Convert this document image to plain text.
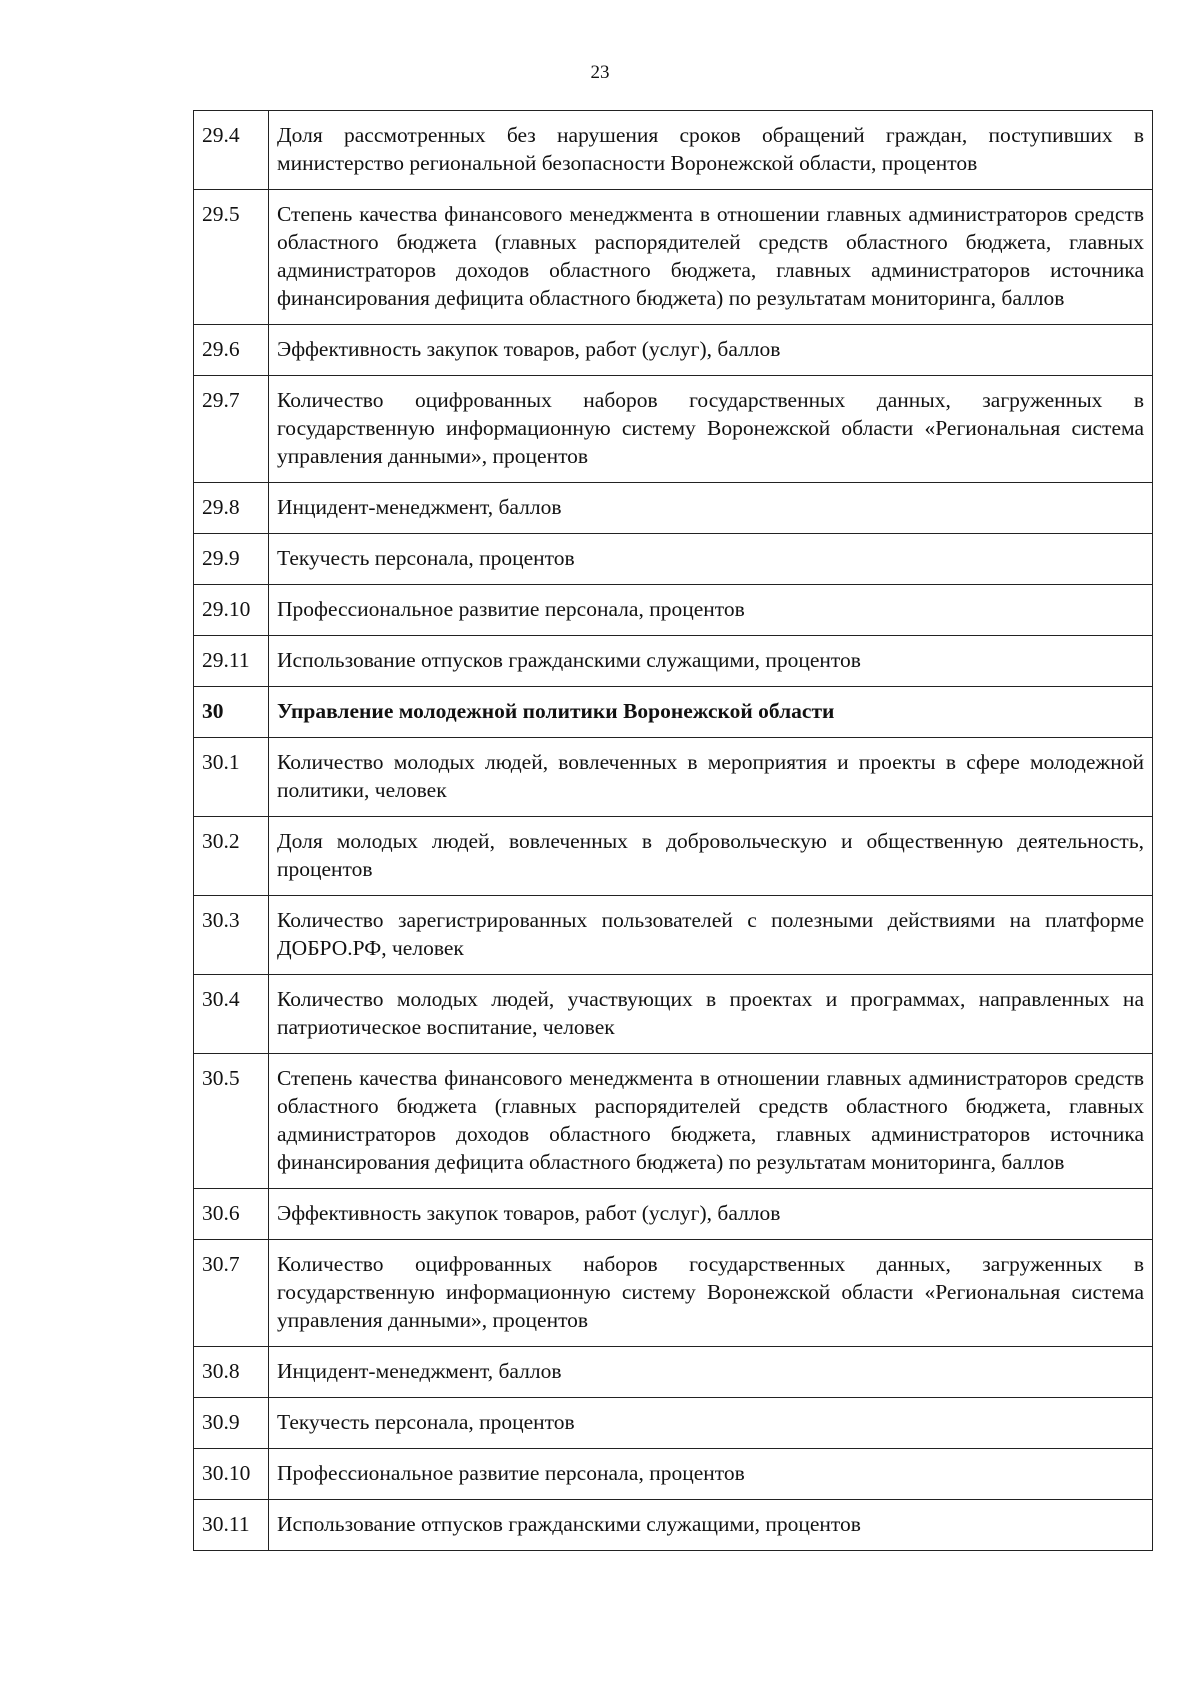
23
29.4	Доля рассмотренных без нарушения сроков обращений граждан, поступивших в министерство региональной безопасности Воронежской области, процентов
29.5	Степень качества финансового менеджмента в отношении главных администраторов средств областного бюджета (главных распорядителей средств областного бюджета, главных администраторов доходов областного бюджета, главных администраторов источника финансирования дефицита областного бюджета) по результатам мониторинга, баллов
29.6	Эффективность закупок товаров, работ (услуг), баллов
29.7	Количество оцифрованных наборов государственных данных, загруженных в государственную информационную систему Воронежской области «Региональная система управления данными», процентов
29.8	Инцидент-менеджмент, баллов
29.9	Текучесть персонала, процентов
29.10	Профессиональное развитие персонала, процентов
29.11	Использование отпусков гражданскими служащими, процентов
30	Управление молодежной политики Воронежской области
30.1	Количество молодых людей, вовлеченных в мероприятия и проекты в сфере молодежной политики, человек
30.2	Доля молодых людей, вовлеченных в добровольческую и общественную деятельность, процентов
30.3	Количество зарегистрированных пользователей с полезными действиями на платформе ДОБРО.РФ, человек
30.4	Количество молодых людей, участвующих в проектах и программах, направленных на патриотическое воспитание, человек
30.5	Степень качества финансового менеджмента в отношении главных администраторов средств областного бюджета (главных распорядителей средств областного бюджета, главных администраторов доходов областного бюджета, главных администраторов источника финансирования дефицита областного бюджета) по результатам мониторинга, баллов
30.6	Эффективность закупок товаров, работ (услуг), баллов
30.7	Количество оцифрованных наборов государственных данных, загруженных в государственную информационную систему Воронежской области «Региональная система управления данными», процентов
30.8	Инцидент-менеджмент, баллов
30.9	Текучесть персонала, процентов
30.10	Профессиональное развитие персонала, процентов
30.11	Использование отпусков гражданскими служащими, процентов
